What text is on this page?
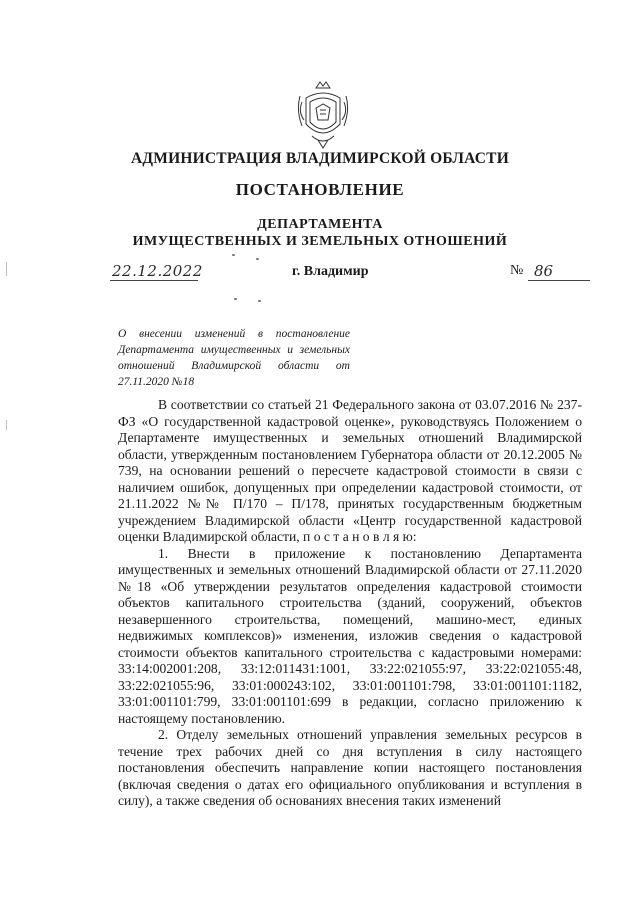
АДМИНИСТРАЦИЯ ВЛАДИМИРСКОЙ ОБЛАСТИ
ПОСТАНОВЛЕНИЕ
ДЕПАРТАМЕНТА
ИМУЩЕСТВЕННЫХ И ЗЕМЕЛЬНЫХ ОТНОШЕНИЙ
22.12.2022	г. Владимир	№ 86
О внесении изменений в постановление Департамента имущественных и земельных отношений Владимирской области от 27.11.2020 №18

В соответствии со статьей 21 Федерального закона от 03.07.2016 № 237-ФЗ «О государственной кадастровой оценке», руководствуясь Положением о Департаменте имущественных и земельных отношений Владимирской области, утвержденным постановлением Губернатора области от 20.12.2005 № 739, на основании решений о пересчете кадастровой стоимости в связи с наличием ошибок, допущенных при определении кадастровой стоимости, от 21.11.2022 №№ П/170 – П/178, принятых государственным бюджетным учреждением Владимирской области «Центр государственной кадастровой оценки Владимирской области, п о с т а н о в л я ю:

1. Внести в приложение к постановлению Департамента имущественных и земельных отношений Владимирской области от 27.11.2020 №18 «Об утверждении результатов определения кадастровой стоимости объектов капитального строительства (зданий, сооружений, объектов незавершенного строительства, помещений, машино-мест, единых недвижимых комплексов)» изменения, изложив сведения о кадастровой стоимости объектов капитального строительства с кадастровыми номерами: 33:14:002001:208, 33:12:011431:1001, 33:22:021055:97, 33:22:021055:48, 33:22:021055:96, 33:01:000243:102, 33:01:001101:798, 33:01:001101:1182, 33:01:001101:799, 33:01:001101:699 в редакции, согласно приложению к настоящему постановлению.

2. Отделу земельных отношений управления земельных ресурсов в течение трех рабочих дней со дня вступления в силу настоящего постановления обеспечить направление копии настоящего постановления (включая сведения о датах его официального опубликования и вступления в силу), а также сведения об основаниях внесения таких изменений
